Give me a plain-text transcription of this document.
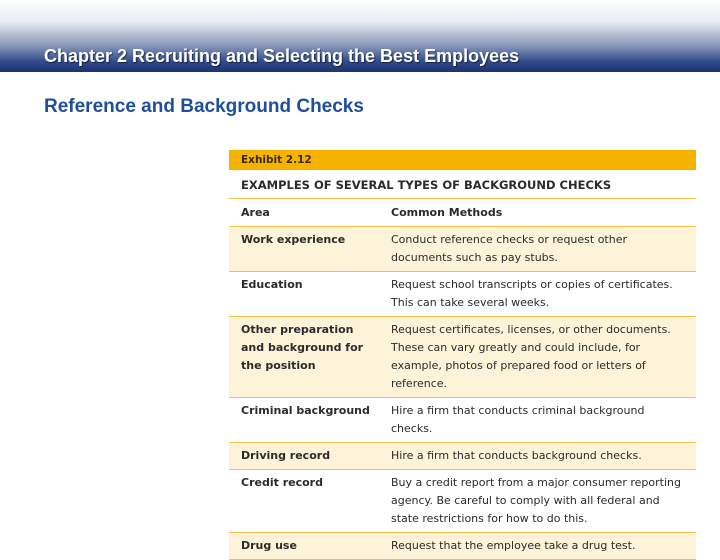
Chapter 2 Recruiting and Selecting the Best Employees
Reference and Background Checks
Exhibit 2.12
EXAMPLES OF SEVERAL TYPES OF BACKGROUND CHECKS
Area	Common Methods
Work experience	Conduct reference checks or request other documents such as pay stubs.
Education	Request school transcripts or copies of certificates. This can take several weeks.
Other preparation and background for the position	Request certificates, licenses, or other documents. These can vary greatly and could include, for example, photos of prepared food or letters of reference.
Criminal background	Hire a firm that conducts criminal background checks.
Driving record	Hire a firm that conducts background checks.
Credit record	Buy a credit report from a major consumer reporting agency. Be careful to comply with all federal and state restrictions for how to do this.
Drug use	Request that the employee take a drug test.
